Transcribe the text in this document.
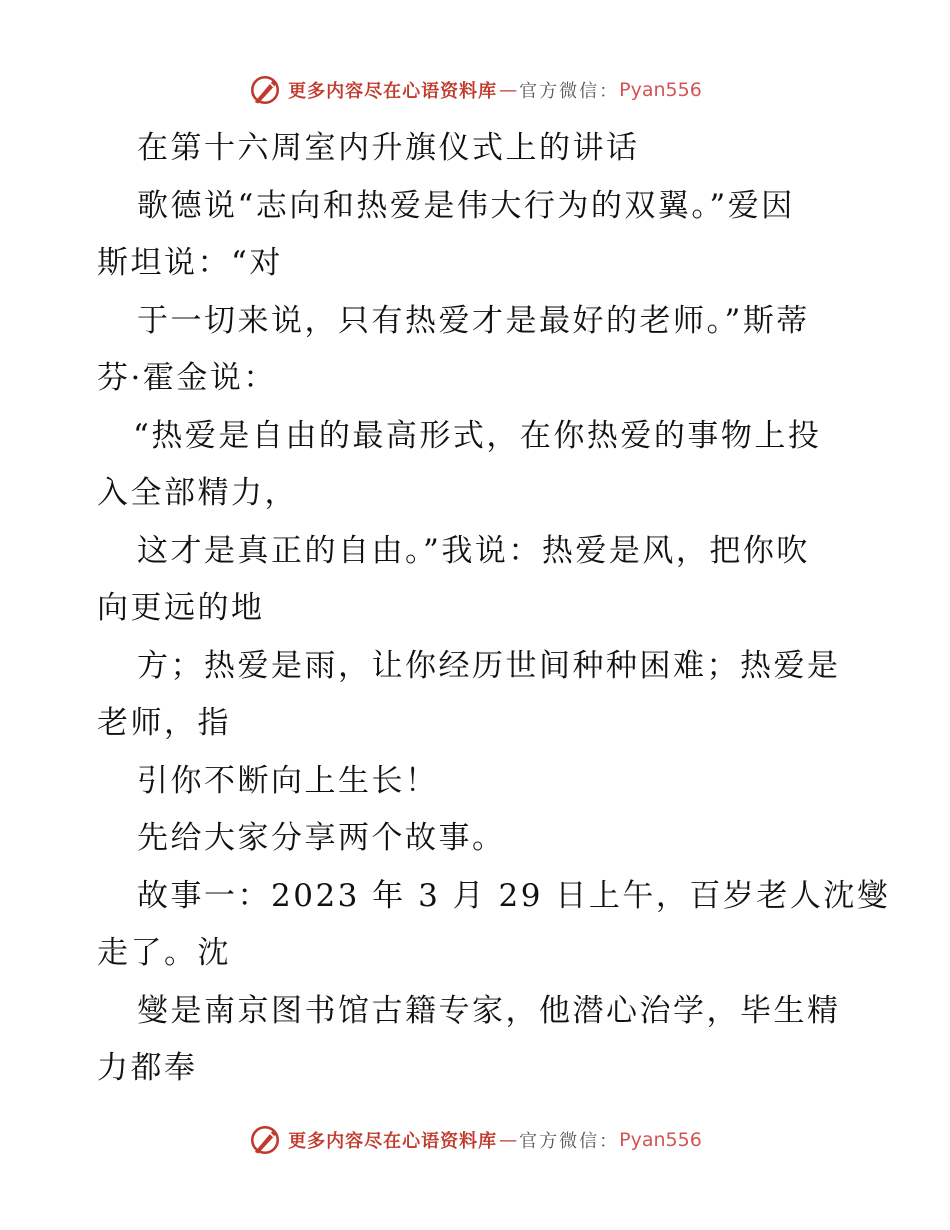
更多内容尽在心语资料库 — 官方微信： Pyan556
在第十六周室内升旗仪式上的讲话
歌德说“志向和热爱是伟大行为的双翼。”爱因
斯坦说：“对
于一切来说，只有热爱才是最好的老师。”斯蒂
芬·霍金说：
“热爱是自由的最高形式，在你热爱的事物上投
入全部精力，
这才是真正的自由。”我说：热爱是风，把你吹
向更远的地
方；热爱是雨，让你经历世间种种困难；热爱是
老师，指
引你不断向上生长！
先给大家分享两个故事。
故事一：2023 年 3 月 29 日上午，百岁老人沈燮
走了。沈
燮是南京图书馆古籍专家，他潜心治学，毕生精
力都奉
更多内容尽在心语资料库 — 官方微信： Pyan556
